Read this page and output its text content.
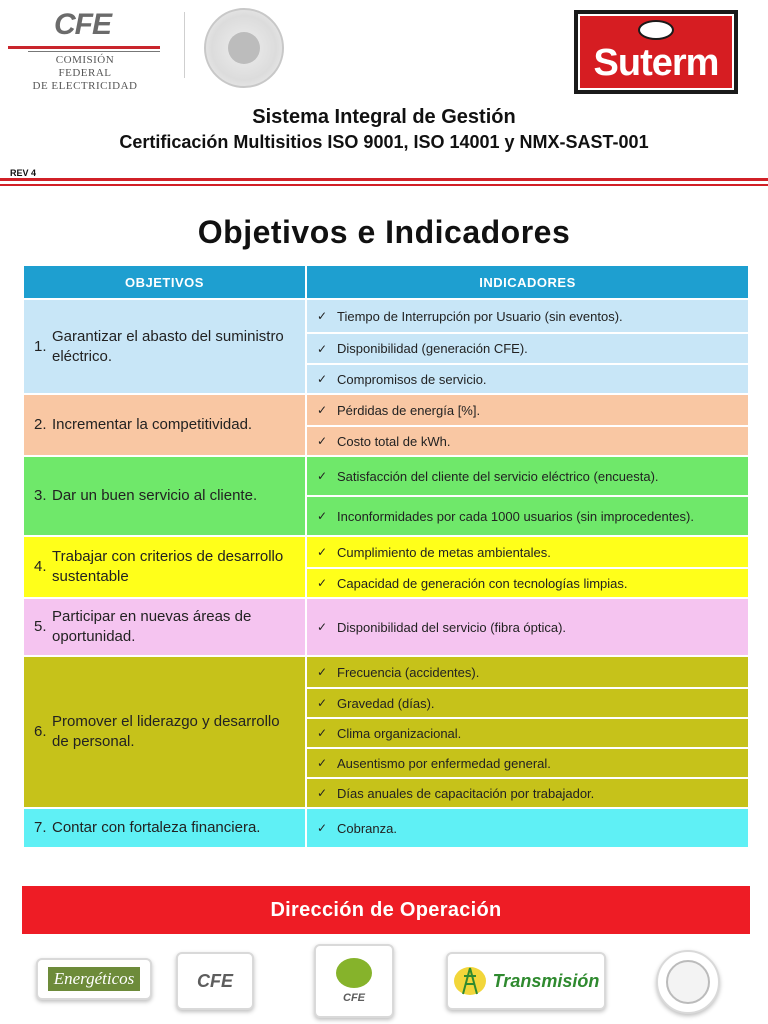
CFE
COMISIÓN FEDERAL
DE ELECTRICIDAD
Suterm
Sistema Integral de Gestión
Certificación Multisitios ISO 9001, ISO 14001 y NMX-SAST-001
REV 4
Objetivos e Indicadores
OBJETIVOS	INDICADORES
1.
Garantizar el abasto del suministro eléctrico.
✓ Tiempo de Interrupción por Usuario (sin eventos).
✓ Disponibilidad (generación CFE).
✓ Compromisos de servicio.
2. Incrementar la competitividad.
✓ Pérdidas de energía [%].
✓ Costo total de kWh.
3. Dar un buen servicio al cliente.
✓ Satisfacción del cliente del servicio eléctrico (encuesta).
✓ Inconformidades por cada 1000 usuarios (sin improcedentes).
4.
Trabajar con criterios de desarrollo sustentable
✓ Cumplimiento de metas ambientales.
✓ Capacidad de generación con tecnologías limpias.
5.
Participar en nuevas áreas de oportunidad.
✓ Disponibilidad del servicio (fibra óptica).
6.
Promover el liderazgo y desarrollo de personal.
✓ Frecuencia (accidentes).
✓ Gravedad (días).
✓ Clima organizacional.
✓ Ausentismo por enfermedad general.
✓ Días anuales de capacitación por trabajador.
7. Contar con fortaleza financiera.	✓ Cobranza.
Dirección de Operación
Energéticos	CFE
CFE
Transmisión
